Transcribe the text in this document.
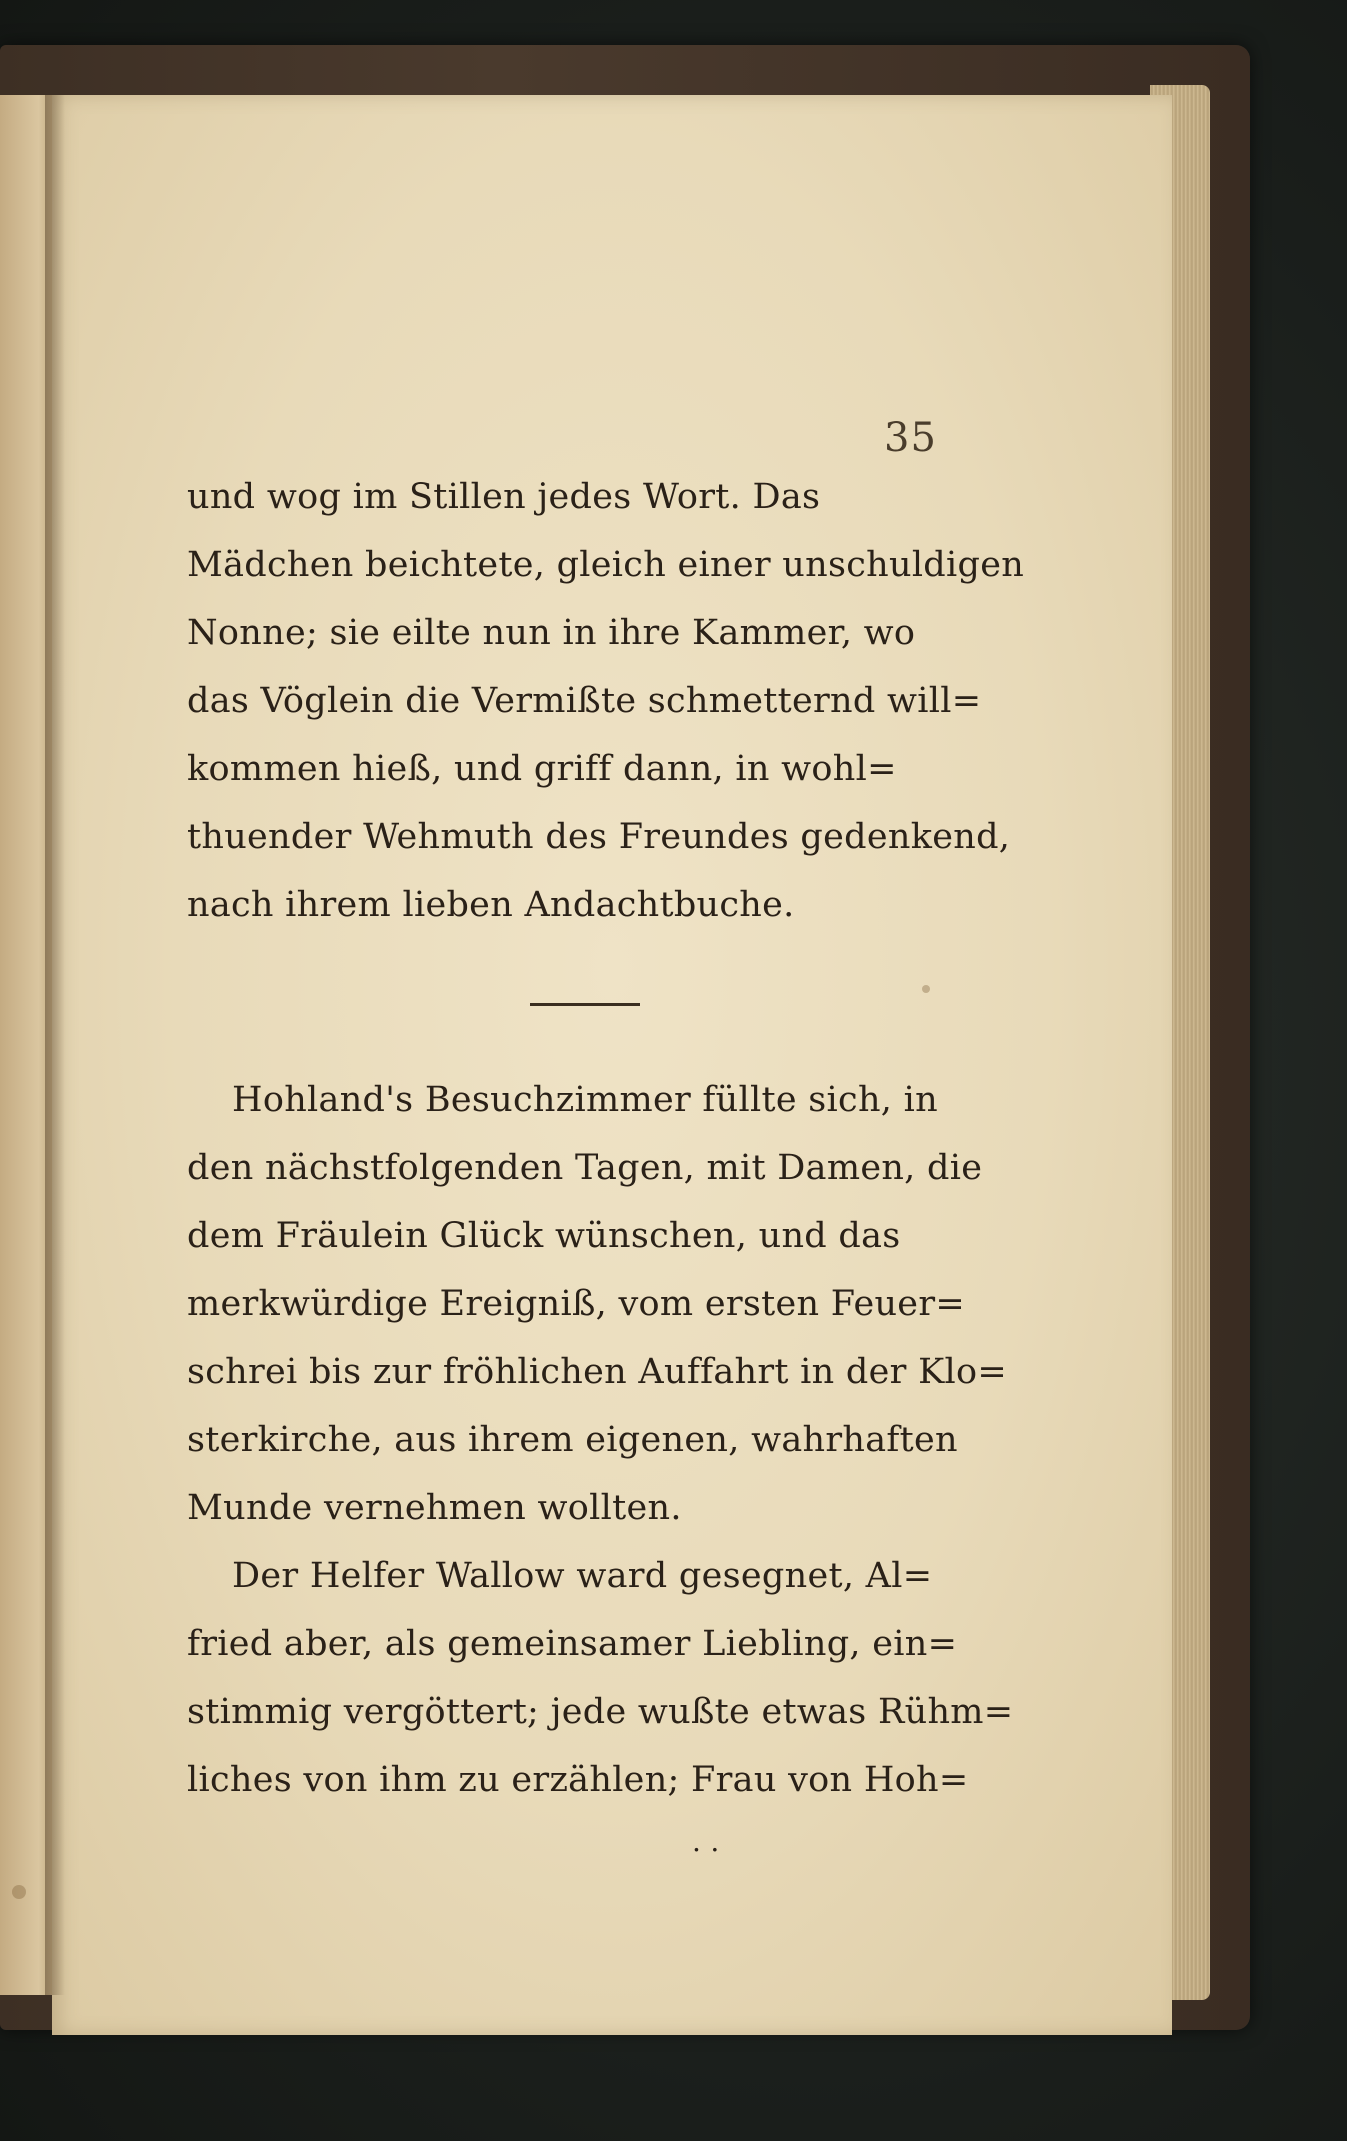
35
und wog im Stillen jedes Wort. Das
Mädchen beichtete, gleich einer unschuldigen
Nonne; sie eilte nun in ihre Kammer, wo
das Vöglein die Vermißte schmetternd will=
kommen hieß, und griff dann, in wohl=
thuender Wehmuth des Freundes gedenkend,
nach ihrem lieben Andachtbuche.
Hohland's Besuchzimmer füllte sich, in
den nächstfolgenden Tagen, mit Damen, die
dem Fräulein Glück wünschen, und das
merkwürdige Ereigniß, vom ersten Feuer=
schrei bis zur fröhlichen Auffahrt in der Klo=
sterkirche, aus ihrem eigenen, wahrhaften
Munde vernehmen wollten.
Der Helfer Wallow ward gesegnet, Al=
fried aber, als gemeinsamer Liebling, ein=
stimmig vergöttert; jede wußte etwas Rühm=
liches von ihm zu erzählen; Frau von Hoh=
. .
